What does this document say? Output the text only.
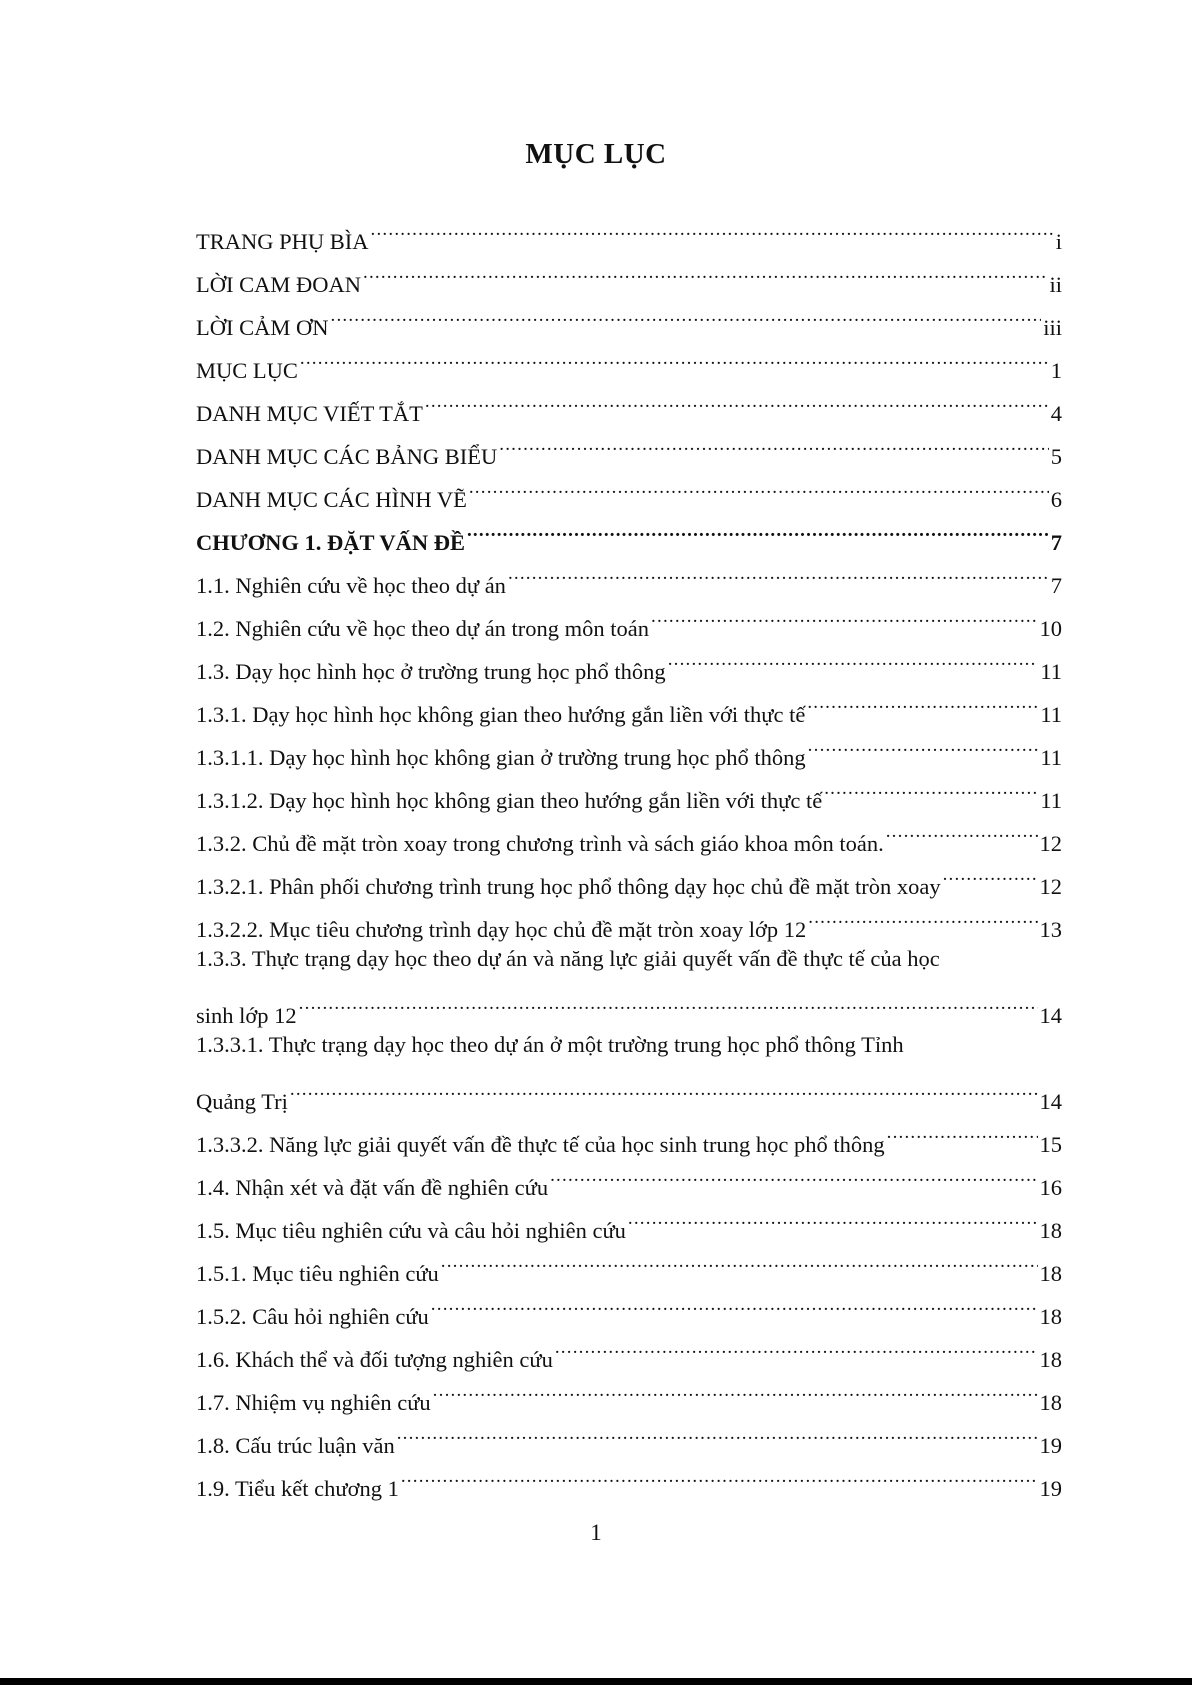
MỤC LỤC
TRANG PHỤ BÌA .....	i
LỜI CAM ĐOAN .....	ii
LỜI CẢM ƠN .....	iii
MỤC LỤC .....	1
DANH MỤC VIẾT TẮT .....	4
DANH MỤC CÁC BẢNG BIỂU .....	5
DANH MỤC CÁC HÌNH VẼ .....	6
CHƯƠNG 1. ĐẶT VẤN ĐỀ .....	7
1.1. Nghiên cứu về học theo dự án .....	7
1.2. Nghiên cứu về học theo dự án trong môn toán .....	10
1.3. Dạy học hình học ở trường trung học phổ thông .....	11
1.3.1. Dạy học hình học không gian theo hướng gắn liền với thực tế .....	11
1.3.1.1. Dạy học hình học không gian ở trường trung học phổ thông .....	11
1.3.1.2. Dạy học hình học không gian theo hướng gắn liền với thực tế .....	11
1.3.2. Chủ đề mặt tròn xoay trong chương trình và sách giáo khoa môn toán. .....	12
1.3.2.1. Phân phối chương trình trung học phổ thông dạy học chủ đề mặt tròn xoay .....	12
1.3.2.2. Mục tiêu chương trình dạy học chủ đề mặt tròn xoay lớp 12 .....	13
1.3.3. Thực trạng dạy học theo dự án và năng lực giải quyết vấn đề thực tế của học
sinh lớp 12 .....	14
1.3.3.1. Thực trạng dạy học theo dự án ở một trường trung học phổ thông Tỉnh
Quảng Trị .....	14
1.3.3.2. Năng lực giải quyết vấn đề thực tế của học sinh trung học phổ thông .....	15
1.4. Nhận xét và đặt vấn đề nghiên cứu .....	16
1.5. Mục tiêu nghiên cứu và câu hỏi nghiên cứu .....	18
1.5.1. Mục tiêu nghiên cứu .....	18
1.5.2. Câu hỏi nghiên cứu .....	18
1.6. Khách thể và đối tượng nghiên cứu .....	18
1.7. Nhiệm vụ nghiên cứu .....	18
1.8. Cấu trúc luận văn .....	19
1.9. Tiểu kết chương 1 .....	19
1
